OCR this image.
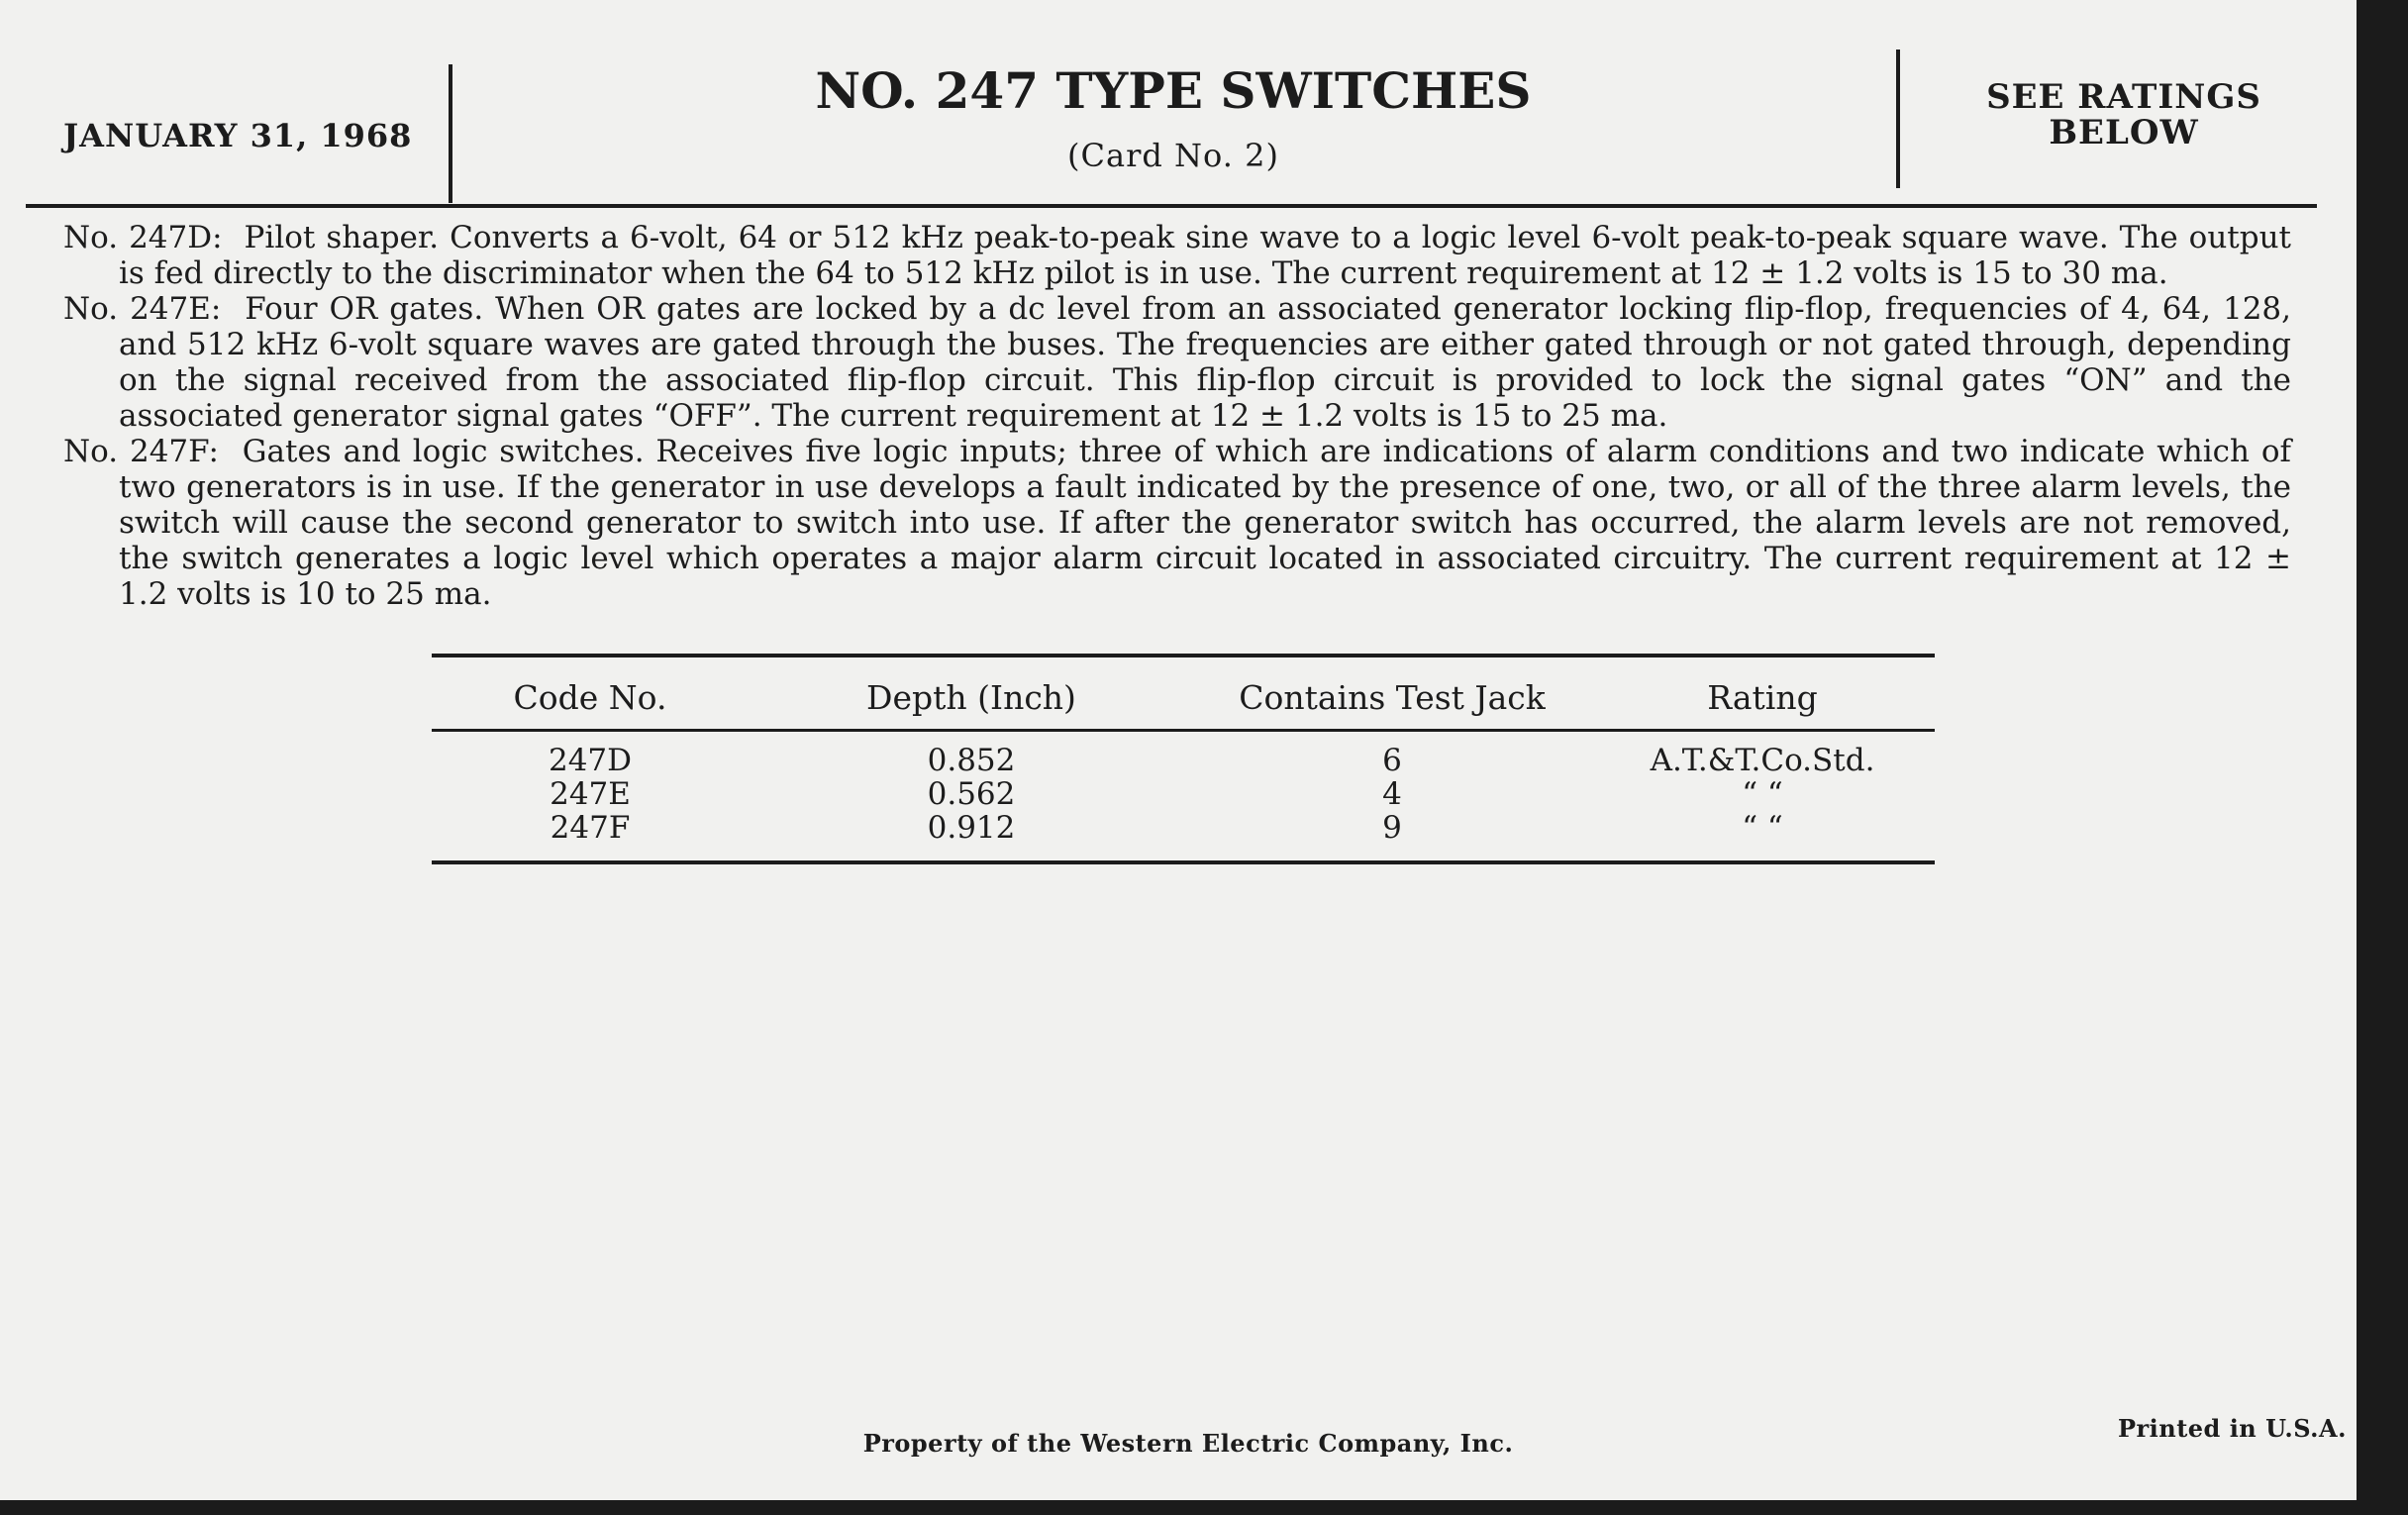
JANUARY 31, 1968
NO. 247 TYPE SWITCHES
(Card No. 2)
SEE RATINGS
BELOW

No. 247D: Pilot shaper. Converts a 6-volt, 64 or 512 kHz peak-to-peak sine wave to a logic level 6-volt peak-to-peak square wave. The output is fed directly to the discriminator when the 64 to 512 kHz pilot is in use. The current requirement at 12 ± 1.2 volts is 15 to 30 ma.

No. 247E: Four OR gates. When OR gates are locked by a dc level from an associated generator locking flip-flop, frequencies of 4, 64, 128, and 512 kHz 6-volt square waves are gated through the buses. The frequencies are either gated through or not gated through, depending on the signal received from the associated flip-flop circuit. This flip-flop circuit is provided to lock the signal gates “ON” and the associated generator signal gates “OFF”. The current requirement at 12 ± 1.2 volts is 15 to 25 ma.

No. 247F: Gates and logic switches. Receives five logic inputs; three of which are indications of alarm conditions and two indicate which of two generators is in use. If the generator in use develops a fault indicated by the presence of one, two, or all of the three alarm levels, the switch will cause the second generator to switch into use. If after the generator switch has occurred, the alarm levels are not removed, the switch generates a logic level which operates a major alarm circuit located in associated circuitry. The current requirement at 12 ± 1.2 volts is 10 to 25 ma.

Code No.	Depth (Inch)	Contains Test Jack	Rating
247D	0.852	6	A.T.&T.Co.Std.
247E	0.562	4	“ “
247F	0.912	9	“ “
Property of the Western Electric Company, Inc.
Printed in U.S.A.
